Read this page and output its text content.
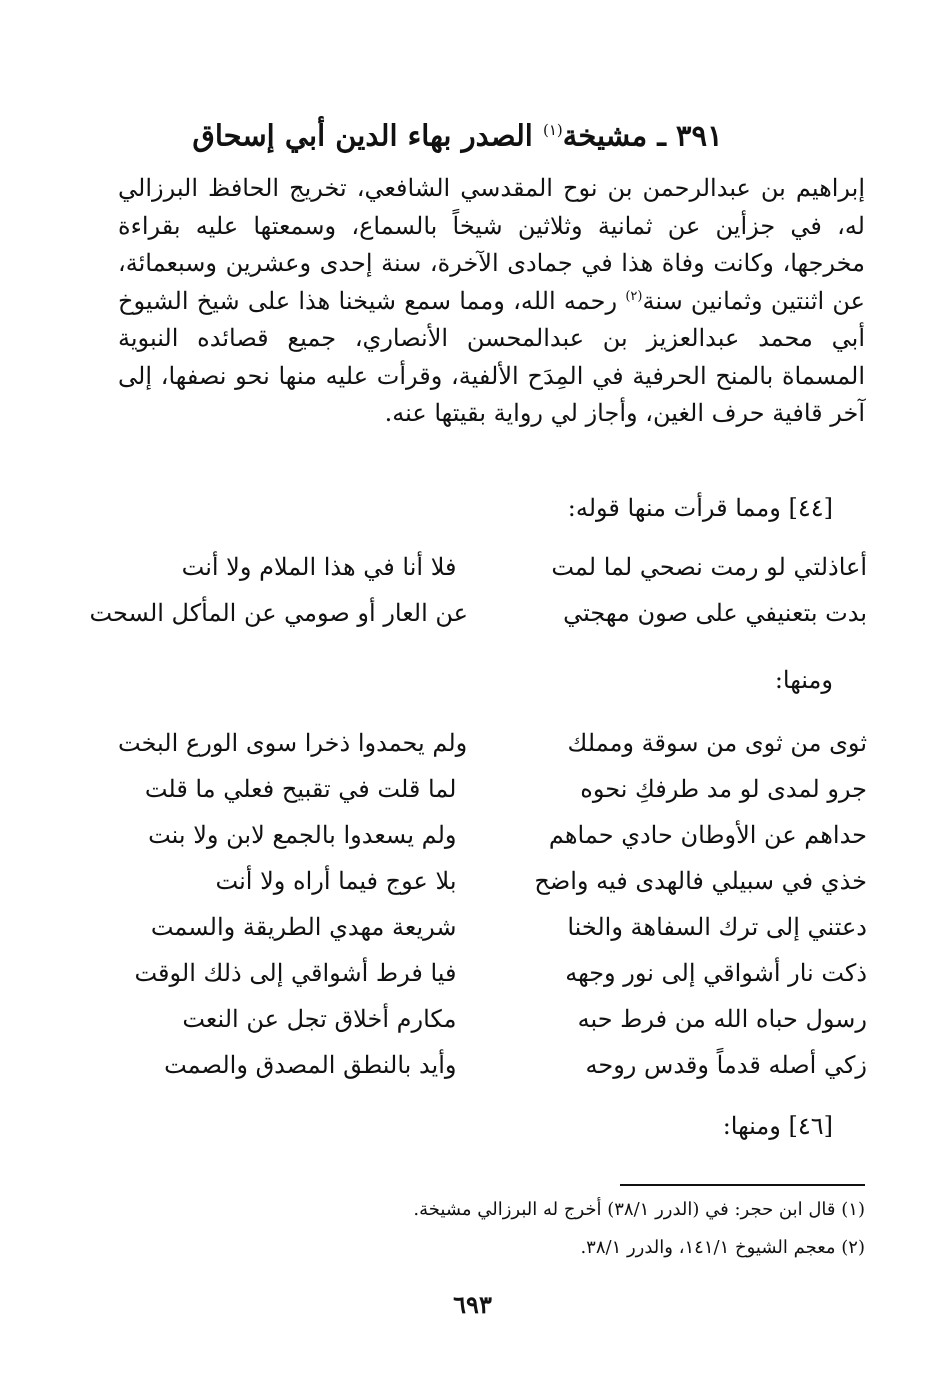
٣٩١ ـ مشيخة$^{(١)}$ الصدر بهاء الدين أبي إسحاق
إبراهيم بن عبدالرحمن بن نوح المقدسي الشافعي، تخريج الحافظ البرزالي له، في جزأين عن ثمانية وثلاثين شيخاً بالسماع، وسمعتها عليه بقراءة مخرجها، وكانت وفاة هذا في جمادى الآخرة، سنة إحدى وعشرين وسبعمائة، عن اثنتين وثمانين سنة$^{(٢)}$ رحمه الله، ومما سمع شيخنا هذا على شيخ الشيوخ أبي محمد عبدالعزيز بن عبدالمحسن الأنصاري، جميع قصائده النبوية المسماة بالمنح الحرفية في المِدَح الألفية، وقرأت عليه منها نحو نصفها، إلى آخر قافية حرف الغين، وأجاز لي رواية بقيتها عنه.
[٤٤] ومما قرأت منها قوله:
أعاذلتي لو رمت نصحي لما لمت
فلا أنا في هذا الملام ولا أنت
بدت بتعنيفي على صون مهجتي
عن العار أو صومي عن المأكل السحت
ومنها:
ثوى من ثوى من سوقة ومملك
ولم يحمدوا ذخرا سوى الورع البخت
جرو لمدى لو مد طرفكِ نحوه
لما قلت في تقبيح فعلي ما قلت
حداهم عن الأوطان حادي حماهم
ولم يسعدوا بالجمع لابن ولا بنت
خذي في سبيلي فالهدى فيه واضح
بلا عوج فيما أراه ولا أنت
دعتني إلى ترك السفاهة والخنا
شريعة مهدي الطريقة والسمت
ذكت نار أشواقي إلى نور وجهه
فيا فرط أشواقي إلى ذلك الوقت
رسول حباه الله من فرط حبه
مكارم أخلاق تجل عن النعت
زكي أصله قدماً وقدس روحه
وأيد بالنطق المصدق والصمت
[٤٦] ومنها:
(١) قال ابن حجر: في (الدرر ٣٨/١) أخرج له البرزالي مشيخة.
(٢) معجم الشيوخ ١٤١/١، والدرر ٣٨/١.
٦٩٣
